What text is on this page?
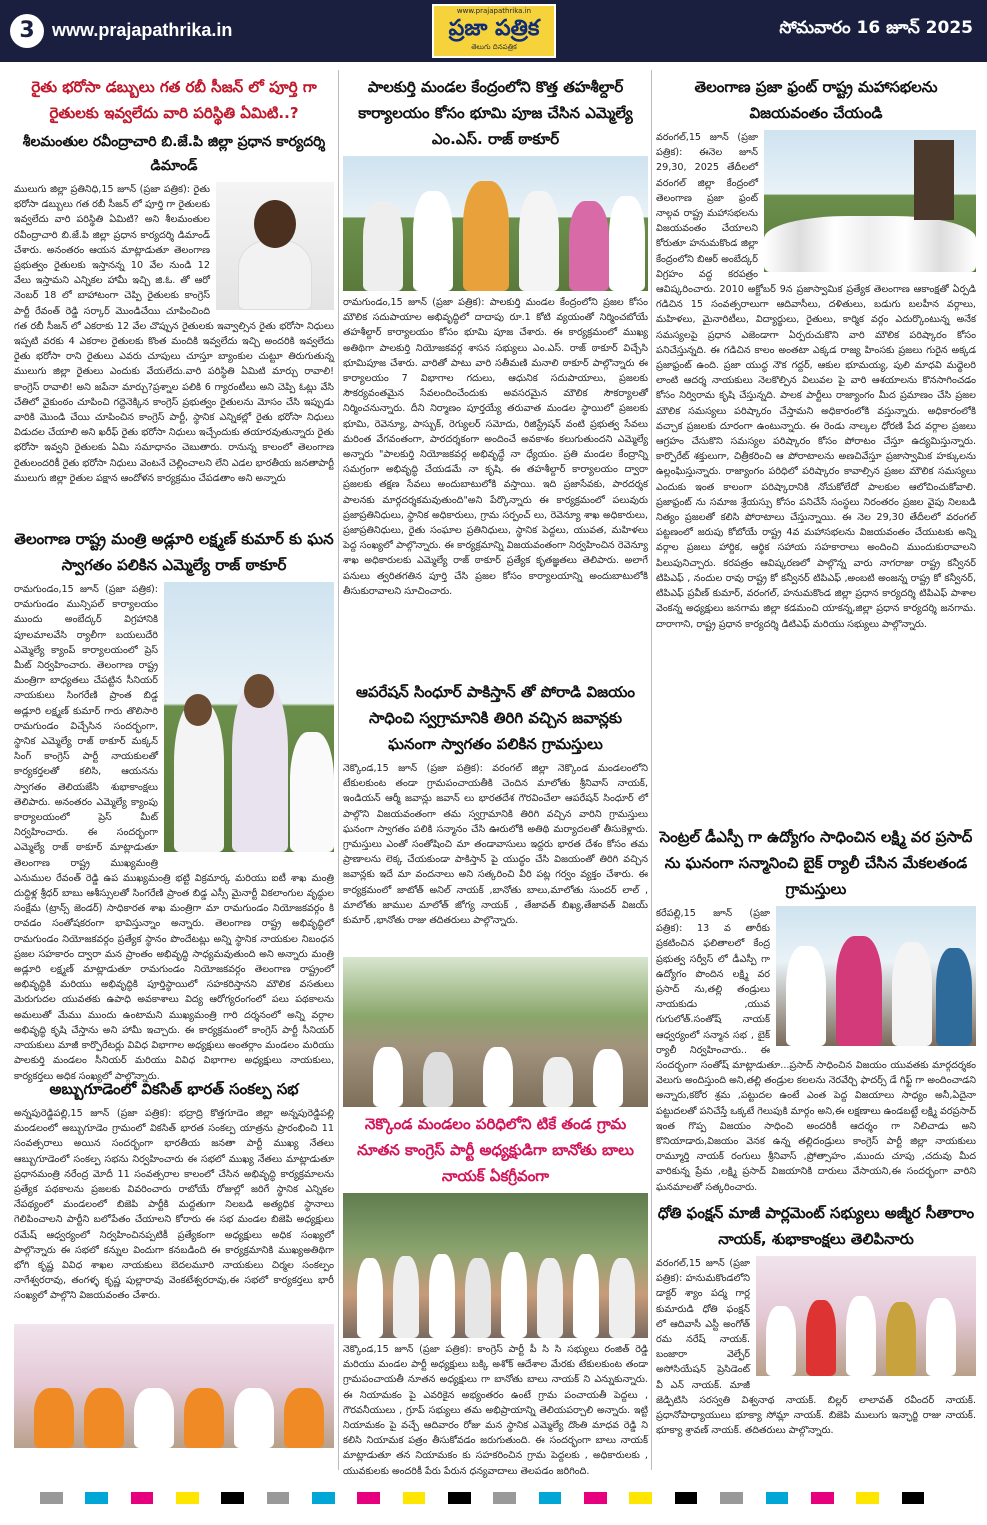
3 www.prajapathrika.in
www.prajapathrika.in
ప్రజా పత్రిక
తెలుగు దినపత్రిక
సోమవారం 16 జూన్ 2025
రైతు భరోసా డబ్బులు గత రబీ సీజన్ లో పూర్తి గా రైతులకు ఇవ్వలేదు వారి పరిస్థితి ఏమిటి..?
శీలమంతుల రవీంద్రాచారి బి.జే.పి జిల్లా ప్రధాన కార్యదర్శి డిమాండ్

ములుగు జిల్లా ప్రతినిధి,15 జూన్ (ప్రజా పత్రిక): రైతు భరోసా డబ్బులు గత రబీ సీజన్ లో పూర్తి గా రైతులకు ఇవ్వలేదు వారి పరిస్థితి ఏమిటి? అని శీలమంతుల రవీంద్రాచారి బి.జే.పి జిల్లా ప్రధాన కార్యదర్శి డిమాండ్ చేశారు. అనంతరం ఆయన మాట్లాడుతూ తెలంగాణ ప్రభుత్వం రైతులకు ఇస్తానన్న 10 వేల నుండి 12 వేలు ఇస్తామని ఎన్నికల హామీ ఇచ్చి జి.ఓ. తో ఆరో నెంబర్ 18 లో బాహాటంగా చెప్పి రైతులకు కాంగ్రెస్ పార్టీ రేవంత్ రెడ్డి సర్కార్ మొండిచేయి చూపించింది గత రబీ సీజన్ లో ఎకరాకు 12 వేల చొప్పున రైతులకు ఇవ్వాల్సిన రైతు భరోసా నిధులు ఇప్పటి వరకు 4 ఎకరాల రైతులకు కొంత మందికి ఇవ్వలేదు ఇచ్చి అందరికి ఇవ్వలేదు రైతు భరోసా రాని రైతులు ఎవరు చూపులు చూస్తూ బ్యాంకుల చుట్టూ తిరుగుతున్న ములుగు జిల్లా రైతులు ఎందుకు వేయలేదు.వారి పరిస్థితి ఏమిటి మార్చు రావాలి! కాంగ్రెస్ రావాలి! అని జపేనా మార్చు?ప్రశ్నాల పలికి 6 గ్యారంటీలు అని చెప్పి ఓట్లు వేసి చేతిలో వైకుంఠం చూపించి గద్దెనెక్కిన కాంగ్రెస్ ప్రభుత్వం రైతులను మోసం చేసి ఇప్పుడు వారికి మొండి చేయి చూపించిన కాంగ్రెస్ పార్టీ, స్థానిక ఎన్నికల్లో రైతు భరోసా నిధులు విడుదల చేయాలి అని ఖరీఫ్ రైతు భరోసా నిధులు ఇచ్చేందుకు తయారవుతున్నారు రైతు భరోసా ఇవ్వని రైతులకు ఏమి సమాధానం చెబుతారు. రానున్న కాలంలో తెలంగాణ రైతులందరికీ రైతు భరోసా నిధులు వెంటనే చెల్లించాలని లేని ఎడల భారతీయ జనతాపార్టీ ములుగు జిల్లా రైతుల పక్షాన ఆందోళన కార్యక్రమం చేపడతాం అని అన్నారు

తెలంగాణ రాష్ట్ర మంత్రి అడ్లూరి లక్ష్మణ్ కుమార్ కు ఘన స్వాగతం పలికిన ఎమ్మెల్యే రాజ్ ఠాకూర్

రామగుండం,15 జూన్ (ప్రజా పత్రిక): రామగుండం మున్సిపల్ కార్యాలయం ముందు అంబేద్కర్ విగ్రహానికి పూలమాలవేసి ర్యాలీగా బయలుదేరి ఎమ్మెల్యే క్యాంప్ కార్యాలయంలో ప్రెస్ మీట్ నిర్వహించారు. తెలంగాణ రాష్ట్ర మంత్రిగా బాధ్యతలు చేపట్టిన సీనియర్ నాయకులు సింగరేణి ప్రాంత బిడ్డ అడ్లూరి లక్ష్మణ్ కుమార్ గారు తొలిసారి రామగుండం విచ్చేసిన సందర్భంగా, స్థానిక ఎమ్మెల్యే రాజ్ ఠాకూర్ మక్కన్ సింగ్ కాంగ్రెస్ పార్టీ నాయకులతో కార్యకర్తలతో కలిసి, ఆయనను స్వాగతం తెలియజేసి శుభాకాంక్షలు తెలిపారు. అనంతరం ఎమ్మెల్యే క్యాంపు కార్యాలయంలో ప్రెస్ మీట్ నిర్వహించారు. ఈ సందర్భంగా ఎమ్మెల్యే రాజ్ ఠాకూర్ మాట్లాడుతూ తెలంగాణ రాష్ట్ర ముఖ్యమంత్రి ఎనుముల రేవంత్ రెడ్డి ఉప ముఖ్యమంత్రి భట్టి విక్రమార్క మరియు ఐటీ శాఖ మంత్రి దుద్దిళ్ల శ్రీధర్ బాబు ఆశీస్సులతో సింగరేణి ప్రాంత బిడ్డ ఎస్సీ మైనార్టీ వికలాంగుల వృద్ధుల సంక్షేమ (ట్రాన్స్ జెండర్) సాధికారత శాఖ మంత్రిగా మా రామగుండం నియోజకవర్గం కి రావడం సంతోషకరంగా భావిస్తున్నాం అన్నారు. తెలంగాణ రాష్ట్ర అభివృద్ధిలో రామగుండం నియోజకవర్గం ప్రత్యేక స్థానం పొందేటట్లు అన్ని స్థానిక నాయకుల నిబంధన ప్రజల సహకారం ద్వారా మన ప్రాంతం అభివృద్ధి సాధ్యమవుతుంది అని అన్నారు మంత్రి అడ్లూరి లక్ష్మణ్ మాట్లాడుతూ రామగుండం నియోజకవర్గం తెలంగాణ రాష్ట్రంలో అభివృద్ధికి మరియు అభివృద్ధికి పూర్తిస్థాయిలో సహకరిస్తానని మౌలిక వసతులు మెరుగుదల యువతకు ఉపాధి అవకాశాలు విద్య ఆరోగ్యరంగంలో పలు పథకాలను అమలుతో మేము ముందు ఉంటామని ముఖ్యమంత్రి గారి దర్శనంలో అన్ని వర్గాల అభివృద్ధి కృషి చేస్తాను అని హామీ ఇచ్చారు. ఈ కార్యక్రమంలో కాంగ్రెస్ పార్టీ సీనియర్ నాయకులు మాజీ కార్పొరేటర్లు వివిధ విభాగాల అధ్యక్షులు అంతర్గాం మండలం మరియు పాలకుర్తి మండలం సీనియర్ మరియు వివిధ విభాగాల అధ్యక్షులు నాయకులు, కార్యకర్తలు అధిక సంఖ్యలో పాల్గొన్నారు.

అబ్బుగూడెంలో వికసిత్ భారత్ సంకల్ప సభ

అన్నపురెడ్డిపల్లి,15 జూన్ (ప్రజా పత్రిక): భద్రాద్రి కొత్తగూడెం జిల్లా అన్నపురెడ్డిపల్లి మండలంలో అబ్బుగూడెం గ్రామంలో వికసిత్ భారత సంకల్ప యాత్రను ప్రారంభించి 11 సంవత్సరాలు అయిన సందర్భంగా భారతీయ జనతా పార్టీ ముఖ్య నేతలు ఆబ్బుగూడెంలో సంకల్ప సభను నిర్వహించారు ఈ సభలో ముఖ్య నేతలు మాట్లాడుతూ ప్రధానమంత్రి నరేంద్ర మోదీ 11 సంవత్సరాల కాలంలో చేసిన అభివృద్ధి కార్యక్రమాలను ప్రత్యేక పథకాలను ప్రజలకు వివరించారు రాబోయే రోజుల్లో జరిగే స్థానిక ఎన్నికల నేపథ్యంలో మండలంలో బిజెపి పార్టీకి మద్దతుగా నిలబడి అత్యధిక స్థానాలు గెలిపించాలని పార్టీని బలోపేతం చేయాలని కోరారు ఈ సభ మండల బిజెపి అధ్యక్షులు రమేష్ ఆధ్వర్యంలో నిర్వహించినప్పటికీ ప్రత్యేకంగా అధ్యక్షులు అధిక సంఖ్యలో పాల్గొన్నారు ఈ సభలో కన్నుల విందుగా కనబడింది ఈ కార్యక్రమానికి ముఖ్యఅతిథిగా భోగి కృష్ణ వివిధ శాఖల నాయకులు బెదలమూరి నాయకులు చిర్మల సంకల్పం నాగేశ్వరరావు, తంగళ్ళ కృష్ణ పుల్లారావు వెంకటేశ్వరరావు,ఈ సభలో కార్యకర్తలు భారీ సంఖ్యలో పాల్గొని విజయవంతం చేశారు.

పాలకుర్తి మండల కేంద్రంలోని కొత్త తహశీల్దార్ కార్యాలయం కోసం భూమి పూజ చేసిన ఎమ్మెల్యే ఎం.ఎస్. రాజ్ ఠాకూర్

రామగుండం,15 జూన్ (ప్రజా పత్రిక): పాలకుర్తి మండల కేంద్రంలోని ప్రజల కోసం మౌలిక సదుపాయాల అభివృద్ధిలో దాదాపు రూ.1 కోటి వ్యయంతో నిర్మించబోయే తహశీల్దార్ కార్యాలయం కోసం భూమి పూజ చేశారు. ఈ కార్యక్రమంలో ముఖ్య అతిథిగా పాలకుర్తి నియోజకవర్గ శాసన సభ్యులు ఎం.ఎస్. రాజ్ ఠాకూర్ విచ్చేసి భూమిపూజ చేశారు. వారితో పాటు వారి సతీమణి మనాలి ఠాకూర్ పాల్గొన్నారు ఈ కార్యాలయం 7 విభాగాల గదులు, ఆధునిక సదుపాయాలు, ప్రజలకు సౌకర్యవంతమైన సేవలందించేందుకు అవసరమైన మౌలిక సౌకర్యాలతో నిర్మించనున్నారు. దీని నిర్మాణం పూర్తయ్యే తరువాత మండల స్థాయిలో ప్రజలకు భూమి, రెవెన్యూ, పాస్బుక్, రెగ్యులర్ సమోదు, రిజిస్ట్రేషన్ వంటి ప్రభుత్వ సేవలు మరింత వేగవంతంగా, పారదర్శకంగా అందించే అవకాశం కలుగుతుందని ఎమ్మెల్యే అన్నారు "పాలకుర్తి నియోజకవర్గ అభివృద్ధే నా ధ్యేయం. ప్రతి మండల కేంద్రాన్ని సమగ్రంగా అభివృద్ధి చేయడమే నా కృషి. ఈ తహశీల్దార్ కార్యాలయం ద్వారా ప్రజలకు తక్షణ సేవలు అందుబాటులోకి వస్తాయి. ఇది ప్రజాసేవకు, పారదర్శక పాలనకు మార్గదర్శకమవుతుంది"అని పేర్కొన్నారు ఈ కార్యక్రమంలో పలువురు ప్రజాప్రతినిధులు, స్థానిక అధికారులు, గ్రామ సర్పంచ్ లు, రెవెన్యూ శాఖ అధికారులు, ప్రజాప్రతినిధులు, రైతు సంఘాల ప్రతినిధులు, స్థానిక పెద్దలు, యువత, మహిళలు పెద్ద సంఖ్యలో పాల్గొన్నారు. ఈ కార్యక్రమాన్ని విజయవంతంగా నిర్వహించిన రెవెన్యూ శాఖ అధికారులకు ఎమ్మెల్యే రాజ్ ఠాకూర్ ప్రత్యేక కృతజ్ఞతలు తెలిపారు. అలాగే పనులు త్వరితగతిన పూర్తి చేసి ప్రజల కోసం కార్యాలయాన్ని అందుబాటులోకి తీసుకురావాలని సూచించారు.

ఆపరేషన్ సింధూర్ పాకిస్తాన్ తో పోరాడి విజయం సాధించి స్వగ్రామానికి తిరిగి వచ్చిన జవాన్లకు ఘనంగా స్వాగతం పలికిన గ్రామస్తులు

నెక్కొండ,15 జూన్ (ప్రజా పత్రిక): వరంగల్ జిల్లా నెక్కొండ మండలంలోని టేకులకుంట తండా గ్రామపంచాయతీకి చెందిన మాలోతు శ్రీనివాస్ నాయక్, ఇండియన్ ఆర్మీ జవాన్లు జవాన్ లు భారతదేశ గౌరవించేలా ఆపరేషన్ సింధూర్ లో పాల్గొని విజయవంతంగా తమ స్వగ్రామానికి తిరిగి వచ్చిన వారిని గ్రామస్తులు ఘనంగా స్వాగతం పలికి సన్మానం చేసి ఊరులోకి అతిథి మర్యాదలతో తీసుకెళ్లారు. గ్రామస్తులు ఎంతో సంతోషించి మా తండావాసులు ఇద్దరు భారత దేశం కోసం తమ ప్రాణాలను లెక్క చేయకుండా పాకిస్తాన్ పై యుద్ధం చేసి విజయంతో తిరిగి వచ్చిన జవాన్లకు ఇదే మా వందనాలు అని సత్కరించి వీరి పట్ల గర్వం వ్యక్తం చేశారు. ఈ కార్యక్రమంలో జాటోత్ అనిల్ నాయక్ ,బానోతు బాలు,మాలోతు సుందర్ లాల్ , మాలోతు జాముల మాలోత్ జోగ్య నాయక్ , తేజావత్ బిఖ్య,తేజావత్ విజయ్ కుమార్ ,భానోతు రాజు తదితరులు పాల్గొన్నారు.

నెక్కొండ మండలం పరిధిలోని టికే తండ గ్రామ నూతన కాంగ్రెస్ పార్టీ అధ్యక్షుడిగా బానోతు బాలు నాయక్ ఏకగ్రీవంగా

నెక్కొండ,15 జూన్ (ప్రజా పత్రిక): కాంగ్రెస్ పార్టీ పీ సి సి సభ్యులు రంజిత్ రెడ్డి మరియు మండల పార్టీ అధ్యక్షులు బక్కి అశోక్ ఆదేశాల మేరకు టేకులకుంట తండా గ్రామపంచాయతీ నూతన అధ్యక్షులు గా బానోతు బాలు నాయక్ ని ఎన్నుకున్నారు. ఈ నియామకం పై ఎవరికైన అభ్యంతరం ఉంటే గ్రామ పంచాయతీ పెద్దలు , గౌరవనీయులు , గ్రూప్ సభ్యులు తమ అభిప్రాయాన్ని తెలియపర్చాలి అన్నారు. ఇట్టి నియామకం పై వచ్చే ఆదివారం రోజు మన స్థానిక ఎమ్మెల్యే దొంతి మాధవ రెడ్డి ని కలిసి నియామక పత్రం తీసుకోవడం జరుగుతుంది. ఈ సందర్భంగా బాలు నాయక్ మాట్లాడుతూ తన నియామకం కు సహకరించిన గ్రామ పెద్దలకు , అధికారులకు , యువకులకు అందరికీ పేరు పేరున ధన్యవాదాలు తెలపడం జరిగింది.

తెలంగాణ ప్రజా ఫ్రంట్ రాష్ట్ర మహాసభలను విజయవంతం చేయండి

వరంగల్,15 జూన్ (ప్రజా పత్రిక): ఈనెల జూన్ 29,30, 2025 తేదీలలో వరంగల్ జిల్లా కేంద్రంలో తెలంగాణ ప్రజా ఫ్రంట్ నాల్గవ రాష్ట్ర మహాసభలను విజయవంతం చేయాలని కోరుతూ హనుమకొండ జిల్లా కేంద్రంలోని బిఆర్ అంబేద్కర్ విగ్రహం వద్ద కరపత్రం ఆవిష్కరించారు. 2010 అక్టోబర్ 9న ప్రజాస్వామిక ప్రత్యేక తెలంగాణ ఆకాంక్షతో ఏర్పడి గడిచిన 15 సంవత్సరాలుగా ఆదివాసీలు, దళితులు, బడుగు బలహీన వర్గాలు, మహిళలు, మైనారిటీలు, విద్యార్థులు, రైతులు, కార్మిక వర్గం ఎదుర్కొంటున్న అనేక సమస్యలపై ప్రధాన ఎజెండాగా ఏర్పరుచుకొని వారి మౌలిక పరిష్కారం కోసం పనిచేస్తున్నది. ఈ గడిచిన కాలం అంతటా ఎక్కడ రాజ్య హింసకు ప్రజలు గురైన అక్కడ ప్రజాఫ్రంట్ ఉంది. ప్రజా యుద్ధ నౌక గద్దర్, ఆకుల భూమయ్య, పులి మాధవి మధ్ధెలరి లాంటి ఆదర్శ నాయకులు నెలకొల్పిన విలువల పై వారి ఆశయాలను కొనసాగించడం కోసం నిర్విరామ కృషి చేస్తున్నది. పాలక పార్టీలు రాజ్యాంగం మీద ప్రమాణం చేసి ప్రజల మౌలిక సమస్యలు పరిష్కారం చేస్తామని అధికారంలోకి వస్తున్నారు. అధికారంలోకి వచ్చాక ప్రజలకు దూరంగా ఉంటున్నారు. ఈ రెండు నాల్కల ధోరణి పేద వర్గాల ప్రజలు ఆగ్రహం చేసుకొని సమస్యల పరిష్కారం కోసం పోరాటం చేస్తూ ఉద్యమిస్తున్నారు. కార్పొరేట్ శక్తులుగా, చిత్రీకరించి ఆ పోరాటాలను అణచివేస్తూ ప్రజాస్వామిక హక్కులను ఉల్లంఘిస్తున్నారు. రాజ్యాంగం పరిధిలో పరిష్కారం కావాల్సిన ప్రజల మౌలిక సమస్యలు ఎందుకు ఇంత కాలంగా పరిష్కారానికి నోచుకోలేదో పాలకుల ఆలోచించుకోవాలి. ప్రజాఫ్రంట్ ను సమాజ శ్రేయస్సు కోసం పనిచేసే సంస్థలు నిరంతరం ప్రజల వైపు నిలబడి నిత్యం ప్రజలతో కలిసి పోరాటాలు చేస్తున్నాయి. ఈ నెల 29,30 తేదీలలో వరంగల్ పట్టణంలో జరుపు కోబోయే రాష్ట్ర 4వ మహాసభలను విజయవంతం చేయుటకు అన్ని వర్గాల ప్రజలు హార్దిక, ఆర్థిక సహాయ సహకారాలు అందించి ముందుకురావాలని పిలుపునిచ్చారు. కరపత్రం ఆవిష్కరణలో పాల్గొన్న వారు నాగరాజు రాష్ట్ర కన్వీనర్ టిపిఎఫ్ , నందుల రావు రాష్ట్ర కో కన్వీనర్ టిపిఎఫ్ ,అంబటి అంజన్న రాష్ట్ర కో కన్వీనర్, టిపిఎఫ్ ప్రవీణ్ కుమార్, వరంగల్, హనుమకొండ జిల్లా ప్రధాన కార్యదర్శి టిపిఎఫ్ పాశాల వెంకన్న అధ్యక్షులు జనగామ జిల్లా కడమంచి యాకన్న,జిల్లా ప్రధాన కార్యదర్శి జనగామ. దారాగాని, రాష్ట్ర ప్రధాన కార్యదర్శి డిటిఎఫ్ మరియు సభ్యులు పాల్గొన్నారు.

సెంట్రల్ డీఎస్పీ గా ఉద్యోగం సాధించిన లక్ష్మి వర ప్రసాద్ ను ఘనంగా సన్మానించి బైక్ ర్యాలీ చేసిన మేకలతండ గ్రామస్తులు

కరేపల్లి,15 జూన్ (ప్రజా పత్రిక): 13 వ తారీకు ప్రకటించిన ఫలితాలలో కేంద్ర ప్రభుత్వ సర్వీస్ లో డీఎస్పీ గా ఉద్యోగం పొందిన లక్ష్మి వర ప్రసాద్ ను,తల్లి తండ్రులు నాయకుడు ,యువ గుగులోత్.సంతోష్ నాయక్ ఆధ్వర్యంలో సన్మాన సభ , బైక్ ర్యాలీ నిర్వహించారు.. ఈ సందర్భంగా సంతోష్ మాట్లాడుతూ...ప్రసాద్ సాధించిన విజయం యువతకు మార్గదర్శకం వెలుగు అందిస్తుంది అని,తల్లి తండ్రుల కలలను నెరవేర్చి ఫాదర్స్ డే గిఫ్ట్ గా అందించాడని అన్నారు,కఠోర శ్రమ ,పట్టుదల ఉంటే ఎంత పెద్ద విజయాలు సాధ్యం అనీ,ఏదైనా పట్టుదలతో పనిచేస్తే ఒక్కటే గెలుపుకి మార్గం అని,ఈ లక్షణాలు ఉండబట్టే లక్ష్మి వరప్రసాద్ ఇంత గొప్ప విజయం సాధించి అందరికీ ఆదర్శం గా నిలిచాడు అని కొనియాడారు,విజయం వెనక ఉన్న తల్లిదండ్రులు కాంగ్రెస్ పార్టీ జిల్లా నాయకులు రామ్మూర్తి నాయక్ రంగులు శ్రీనివాస్ ,ప్రోత్సాహం ,ముందు చూపు ,చదువు మీద వారికున్న ప్రేమ ,లక్ష్మి ప్రసాద్ విజయానికి దారులు వేసాయని,ఈ సందర్భంగా వారిని ఘనమాలతో సత్కరించారు.

ధోతి ఫంక్షన్ మాజీ పార్లమెంట్ సభ్యులు అజ్మీర సీతారాం నాయక్, శుభాకాంక్షలు తెలిపినారు

వరంగల్,15 జూన్ (ప్రజా పత్రిక): హనుమకొండలోని డాక్టర్ శ్యాం పద్మ గార్ల కుమారుడి ధోతి ఫంక్షన్ లో ఆదివాసీ ఎస్టీ అంగోత్ రమ నరేష్ నాయక్. బంజారా వెల్ఫేర్ అసోసియేషన్ ప్రెసిడెంట్ వీ ఎన్ నాయక్. మాజీ జెడ్పిటిసి సరస్వతి విశ్వనాథ నాయక్. బిల్లర్ లాలావత్ రవీందర్ నాయక్. ప్రధానోపాధ్యాయులు భూక్యా సోమ్లా నాయక్. బిజెపి ములుగు ఇన్ఛార్జి రాజు నాయక్. భూక్యా శ్రావణ్ నాయక్. తదితరులు పాల్గొన్నారు.
